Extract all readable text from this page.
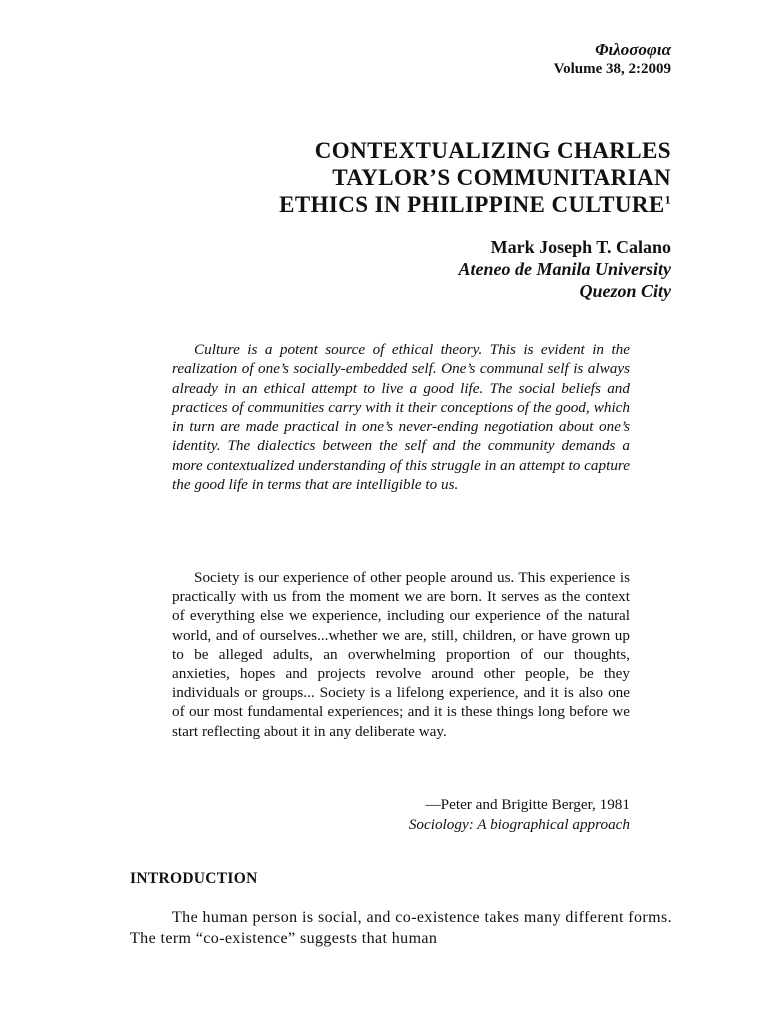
Φιλοσοφια
Volume 38, 2:2009
CONTEXTUALIZING CHARLES
TAYLOR’S COMMUNITARIAN
ETHICS IN PHILIPPINE CULTURE$^1$
Mark Joseph T. Calano
Ateneo de Manila University
Quezon City

Culture is a potent source of ethical theory. This is evident in the realization of one’s socially-embedded self. One’s communal self is always already in an ethical attempt to live a good life. The social beliefs and practices of communities carry with it their conceptions of the good, which in turn are made practical in one’s never-ending negotiation about one’s identity. The dialectics between the self and the community demands a more contextualized understanding of this struggle in an attempt to capture the good life in terms that are intelligible to us.

Society is our experience of other people around us. This experience is practically with us from the moment we are born. It serves as the context of everything else we experience, including our experience of the natural world, and of ourselves...whether we are, still, children, or have grown up to be alleged adults, an overwhelming proportion of our thoughts, anxieties, hopes and projects revolve around other people, be they individuals or groups... Society is a lifelong experience, and it is also one of our most fundamental experiences; and it is these things long before we start reflecting about it in any deliberate way.

—Peter and Brigitte Berger, 1981
Sociology: A biographical approach
INTRODUCTION

The human person is social, and co-existence takes many different forms. The term “co-existence” suggests that human
